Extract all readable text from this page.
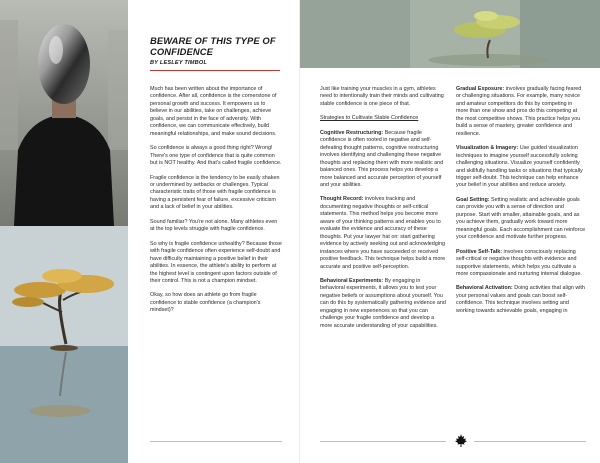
BEWARE OF THIS TYPE OF CONFIDENCE

BY LESLEY TIMBOL

Much has been written about the importance of confidence. After all, confidence is the cornerstone of personal growth and success. It empowers us to believe in our abilities, take on challenges, achieve goals, and persist in the face of adversity. With confidence, we can communicate effectively, build meaningful relationships, and make sound decisions.

So confidence is always a good thing right? Wrong! There's one type of confidence that is quite common but is NOT healthy. And that's called fragile confidence.

Fragile confidence is the tendency to be easily shaken or undermined by setbacks or challenges. Typical characteristic traits of those with fragile confidence is having a persistent fear of failure, excessive criticism and a lack of belief in your abilities.

Sound familiar? You're not alone. Many athletes even at the top levels struggle with fragile confidence.

So why is fragile confidence unhealthy? Because those with fragile confidence often experience self-doubt and have difficulty maintaining a positive belief in their abilities. In essence, the athlete's ability to perform at the highest level is contingent upon factors outside of their control. This is not a champion mindset.

Okay, so how does an athlete go from fragile confidence to stable confidence (a champion's mindset)?

Just like training your muscles in a gym, athletes need to intentionally train their minds and cultivating stable confidence is one piece of that.

Strategies to Cultivate Stable Confidence

Cognitive Restructuring: Because fragile confidence is often rooted in negative and self-defeating thought patterns, cognitive restructuring involves identifying and challenging these negative thoughts and replacing them with more realistic and balanced ones. This process helps you develop a more balanced and accurate perception of yourself and your abilities.

Thought Record: involves tracking and documenting negative thoughts or self-critical statements. This method helps you become more aware of your thinking patterns and enables you to evaluate the evidence and accuracy of these thoughts. Put your lawyer hat on: start gathering evidence by actively seeking out and acknowledging instances where you have succeeded or received positive feedback. This technique helps build a more accurate and positive self-perception.

Behavioral Experiments: By engaging in behavioral experiments, it allows you to test your negative beliefs or assumptions about yourself. You can do this by systematically gathering evidence and engaging in new experiences so that you can challenge your fragile confidence and develop a more accurate understanding of your capabilities.

Gradual Exposure: involves gradually facing feared or challenging situations. For example, many novice and amateur competitors do this by competing in more than one show and pros do this competing at the most competitive shows. This practice helps you build a sense of mastery, greater confidence and resilience.

Visualization & Imagery: Use guided visualization techniques to imagine yourself successfully solving challenging situations. Visualize yourself confidently and skillfully handling tasks or situations that typically trigger self-doubt. This technique can help enhance your belief in your abilities and reduce anxiety.

Goal Setting: Setting realistic and achievable goals can provide you with a sense of direction and purpose. Start with smaller, attainable goals, and as you achieve them, gradually work toward more meaningful goals. Each accomplishment can reinforce your confidence and motivate further progress.

Positive Self-Talk: involves consciously replacing self-critical or negative thoughts with evidence and supportive statements, which helps you cultivate a more compassionate and nurturing internal dialogue.

Behavioral Activation: Doing activities that align with your personal values and goals can boost self-confidence. This technique involves setting and working towards achievable goals, engaging in
